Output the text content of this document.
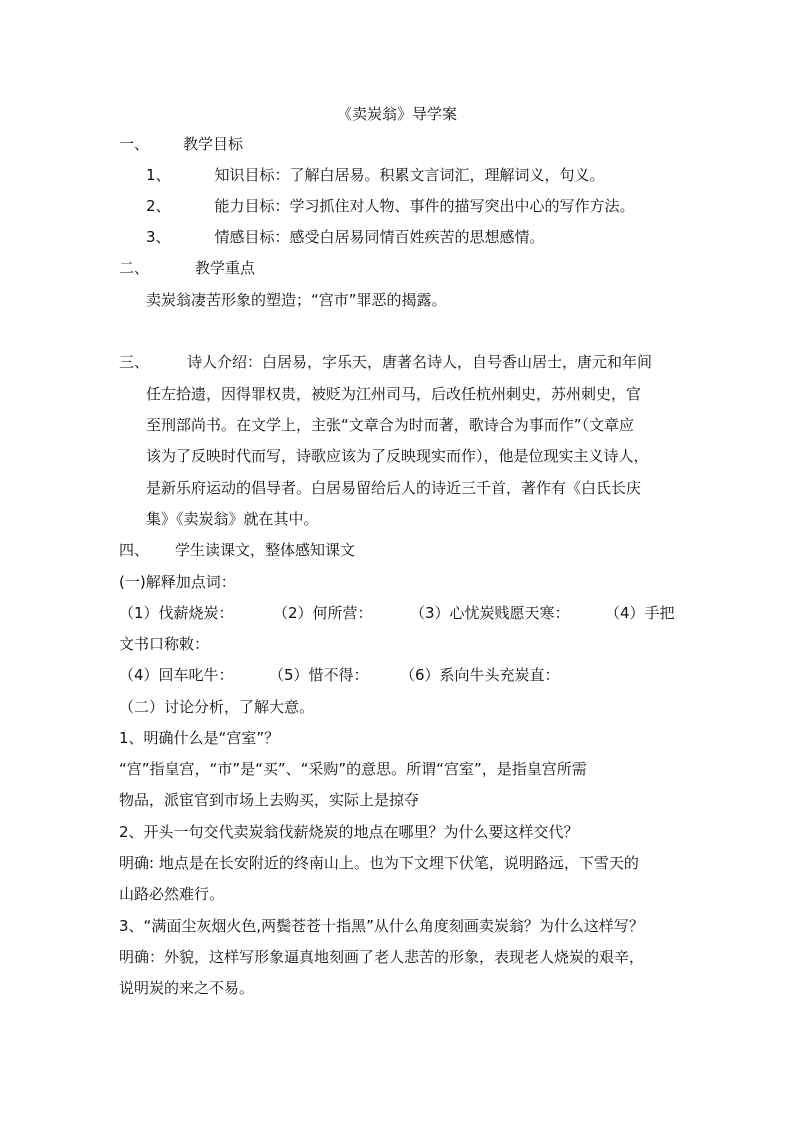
《卖炭翁》导学案
一、 教学目标
1、	知识目标：了解白居易。积累文言词汇，理解词义，句义。
2、	能力目标：学习抓住对人物、事件的描写突出中心的写作方法。
3、	情感目标：感受白居易同情百姓疾苦的思想感情。
二、	教学重点
卖炭翁凄苦形象的塑造；“宫市”罪恶的揭露。
三、	诗人介绍：白居易，字乐天，唐著名诗人，自号香山居士，唐元和年间
任左拾遗，因得罪权贵，被贬为江州司马，后改任杭州刺史，苏州刺史，官
至刑部尚书。在文学上，主张“文章合为时而著，歌诗合为事而作”（文章应
该为了反映时代而写，诗歌应该为了反映现实而作），他是位现实主义诗人，
是新乐府运动的倡导者。白居易留给后人的诗近三千首，著作有《白氏长庆
集》《卖炭翁》就在其中。
四、 学生读课文，整体感知课文
(一)解释加点词：
（1）伐薪烧炭：	（2）何所营： （3）心忧炭贱愿天寒： （4）手把
文书口称敕：
（4）回车叱牛： （5）惜不得： （6）系向牛头充炭直：
（二）讨论分析，了解大意。
1、明确什么是“宫室”？
“宫”指皇宫，“市”是“买”、“采购”的意思。所谓“宫室”，是指皇宫所需
物品，派宦官到市场上去购买，实际上是掠夺
2、开头一句交代卖炭翁伐薪烧炭的地点在哪里？为什么要这样交代？
明确: 地点是在长安附近的终南山上。也为下文埋下伏笔，说明路远，下雪天的
山路必然难行。
3、“满面尘灰烟火色,两鬓苍苍十指黑”从什么角度刻画卖炭翁？为什么这样写？
明确：外貌，这样写形象逼真地刻画了老人悲苦的形象，表现老人烧炭的艰辛，
说明炭的来之不易。
